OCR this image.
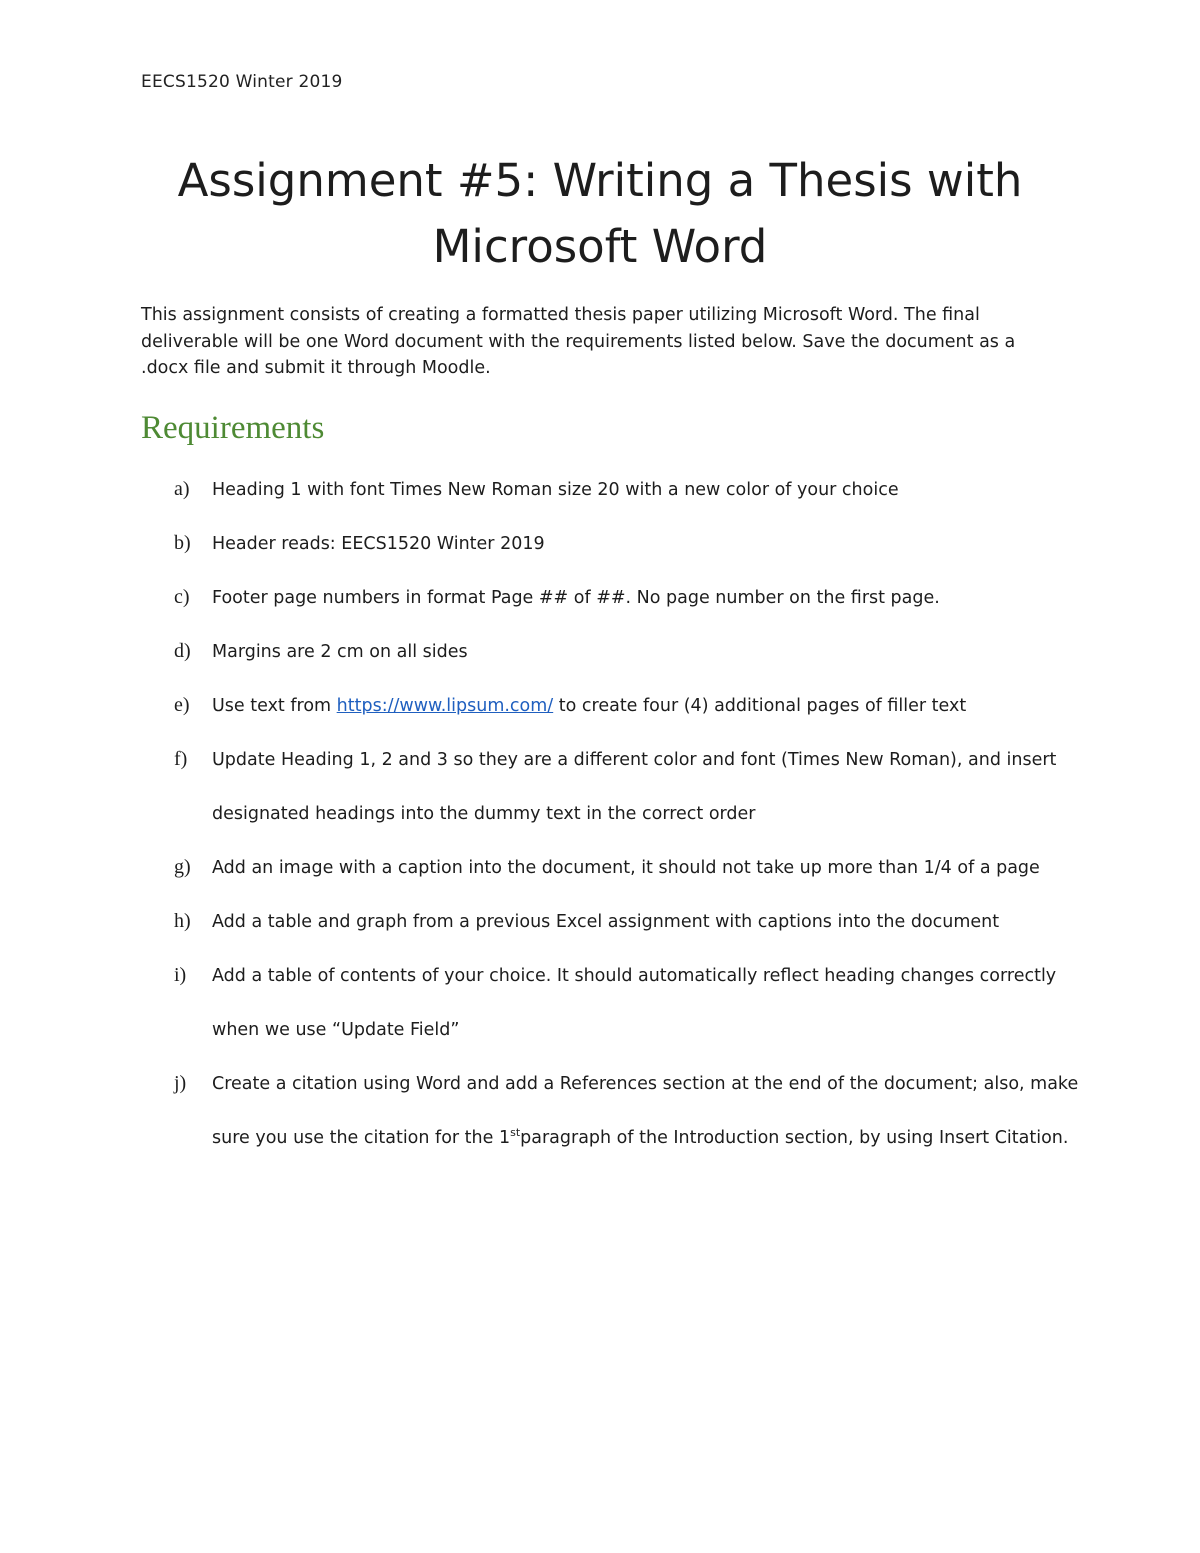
EECS1520 Winter 2019
Assignment #5: Writing a Thesis with
Microsoft Word

This assignment consists of creating a formatted thesis paper utilizing Microsoft Word. The final deliverable will be one Word document with the requirements listed below. Save the document as a .docx file and submit it through Moodle.

Requirements
a) Heading 1 with font Times New Roman size 20 with a new color of your choice
b) Header reads: EECS1520 Winter 2019
c) Footer page numbers in format Page ## of ##. No page number on the first page.
d) Margins are 2 cm on all sides
e) Use text from https://www.lipsum.com/ to create four (4) additional pages of filler text
f) Update Heading 1, 2 and 3 so they are a different color and font (Times New Roman), and insert designated headings into the dummy text in the correct order
g) Add an image with a caption into the document, it should not take up more than 1/4 of a page
h) Add a table and graph from a previous Excel assignment with captions into the document
i) Add a table of contents of your choice. It should automatically reflect heading changes correctly when we use “Update Field”
j) Create a citation using Word and add a References section at the end of the document; also, make sure you use the citation for the 1stparagraph of the Introduction section, by using Insert Citation.
